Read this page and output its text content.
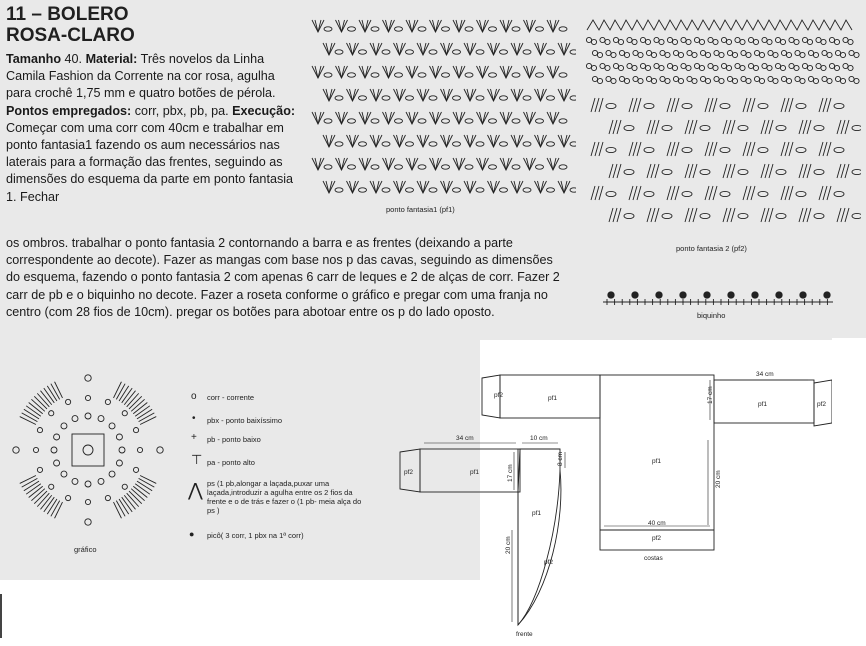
11 – BOLERO
ROSA-CLARO
Tamanho 40. Material: Três novelos da Linha Camila Fashion da Corrente na cor rosa, agulha para crochê 1,75 mm e quatro botões de pérola. Pontos empregados: corr, pbx, pb, pa. Execução: Começar com uma corr com 40cm e trabalhar em ponto fantasia1 fazendo os aum necessários nas laterais para a formação das frentes, seguindo as dimensões do esquema da parte em ponto fantasia 1. Fechar
os ombros. trabalhar o ponto fantasia 2 contornando a barra e as frentes (deixando a parte correspondente ao decote). Fazer as mangas com base nos p das cavas, seguindo as dimensões do esquema, fazendo o ponto fantasia 2 com apenas 6 carr de leques e 2 de alças de corr. Fazer 2 carr de pb e o biquinho no decote. Fazer a roseta conforme o gráfico e pregar com uma franja no centro (com 28 fios de 10cm). pregar os botões para abotoar entre os p do lado oposto.
ponto fantasia1 (pf1)
ponto fantasia 2 (pf2)
biquinho
gráfico
o corr - corrente
• pbx - ponto baixíssimo
+ pb - ponto baixo
⊤ pa - ponto alto
⋀ ps (1 pb,alongar a laçada,puxar uma laçada,introduzir a agulha entre os 2 fios da frente e o de trás e fazer o (1 pb- meia alça do ps )
● picô( 3 corr, 1 pbx na 1ª corr)
pf2	pf1
pf1
pf2
costas
40 cm
17 cm
20 cm
34 cm
pf1	pf2
34 cm	10 cm
pf2	pf1	17 cm
8 cm
pf1
pf2
20 cm
frente
